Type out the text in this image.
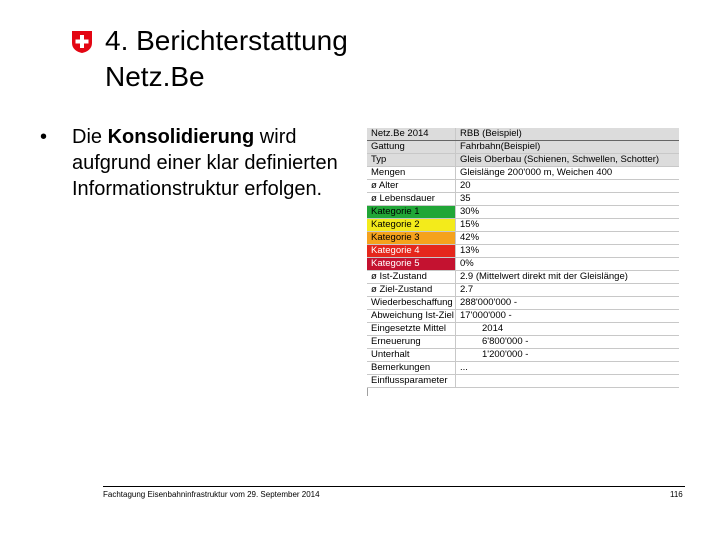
4. Berichterstattung
Netz.Be
•	Die Konsolidierung wird aufgrund einer klar definierten Informationstruktur erfolgen.
Netz.Be 2014	RBB (Beispiel)
Gattung	Fahrbahn(Beispiel)
Typ	Gleis Oberbau (Schienen, Schwellen, Schotter)
Mengen	Gleislänge 200'000 m, Weichen 400
ø Alter	20
ø Lebensdauer	35
Kategorie 1	30%
Kategorie 2	15%
Kategorie 3	42%
Kategorie 4	13%
Kategorie 5	0%
ø Ist-Zustand	2.9 (Mittelwert direkt mit der Gleislänge)
ø Ziel-Zustand	2.7
Wiederbeschaffung	288'000'000 -
Abweichung Ist-Ziel	17'000'000 -
Eingesetzte Mittel	2014
Erneuerung	6'800'000 -
Unterhalt	1'200'000 -
Bemerkungen	...
Einflussparameter	
Fachtagung Eisenbahninfrastruktur vom 29. September 2014	116
